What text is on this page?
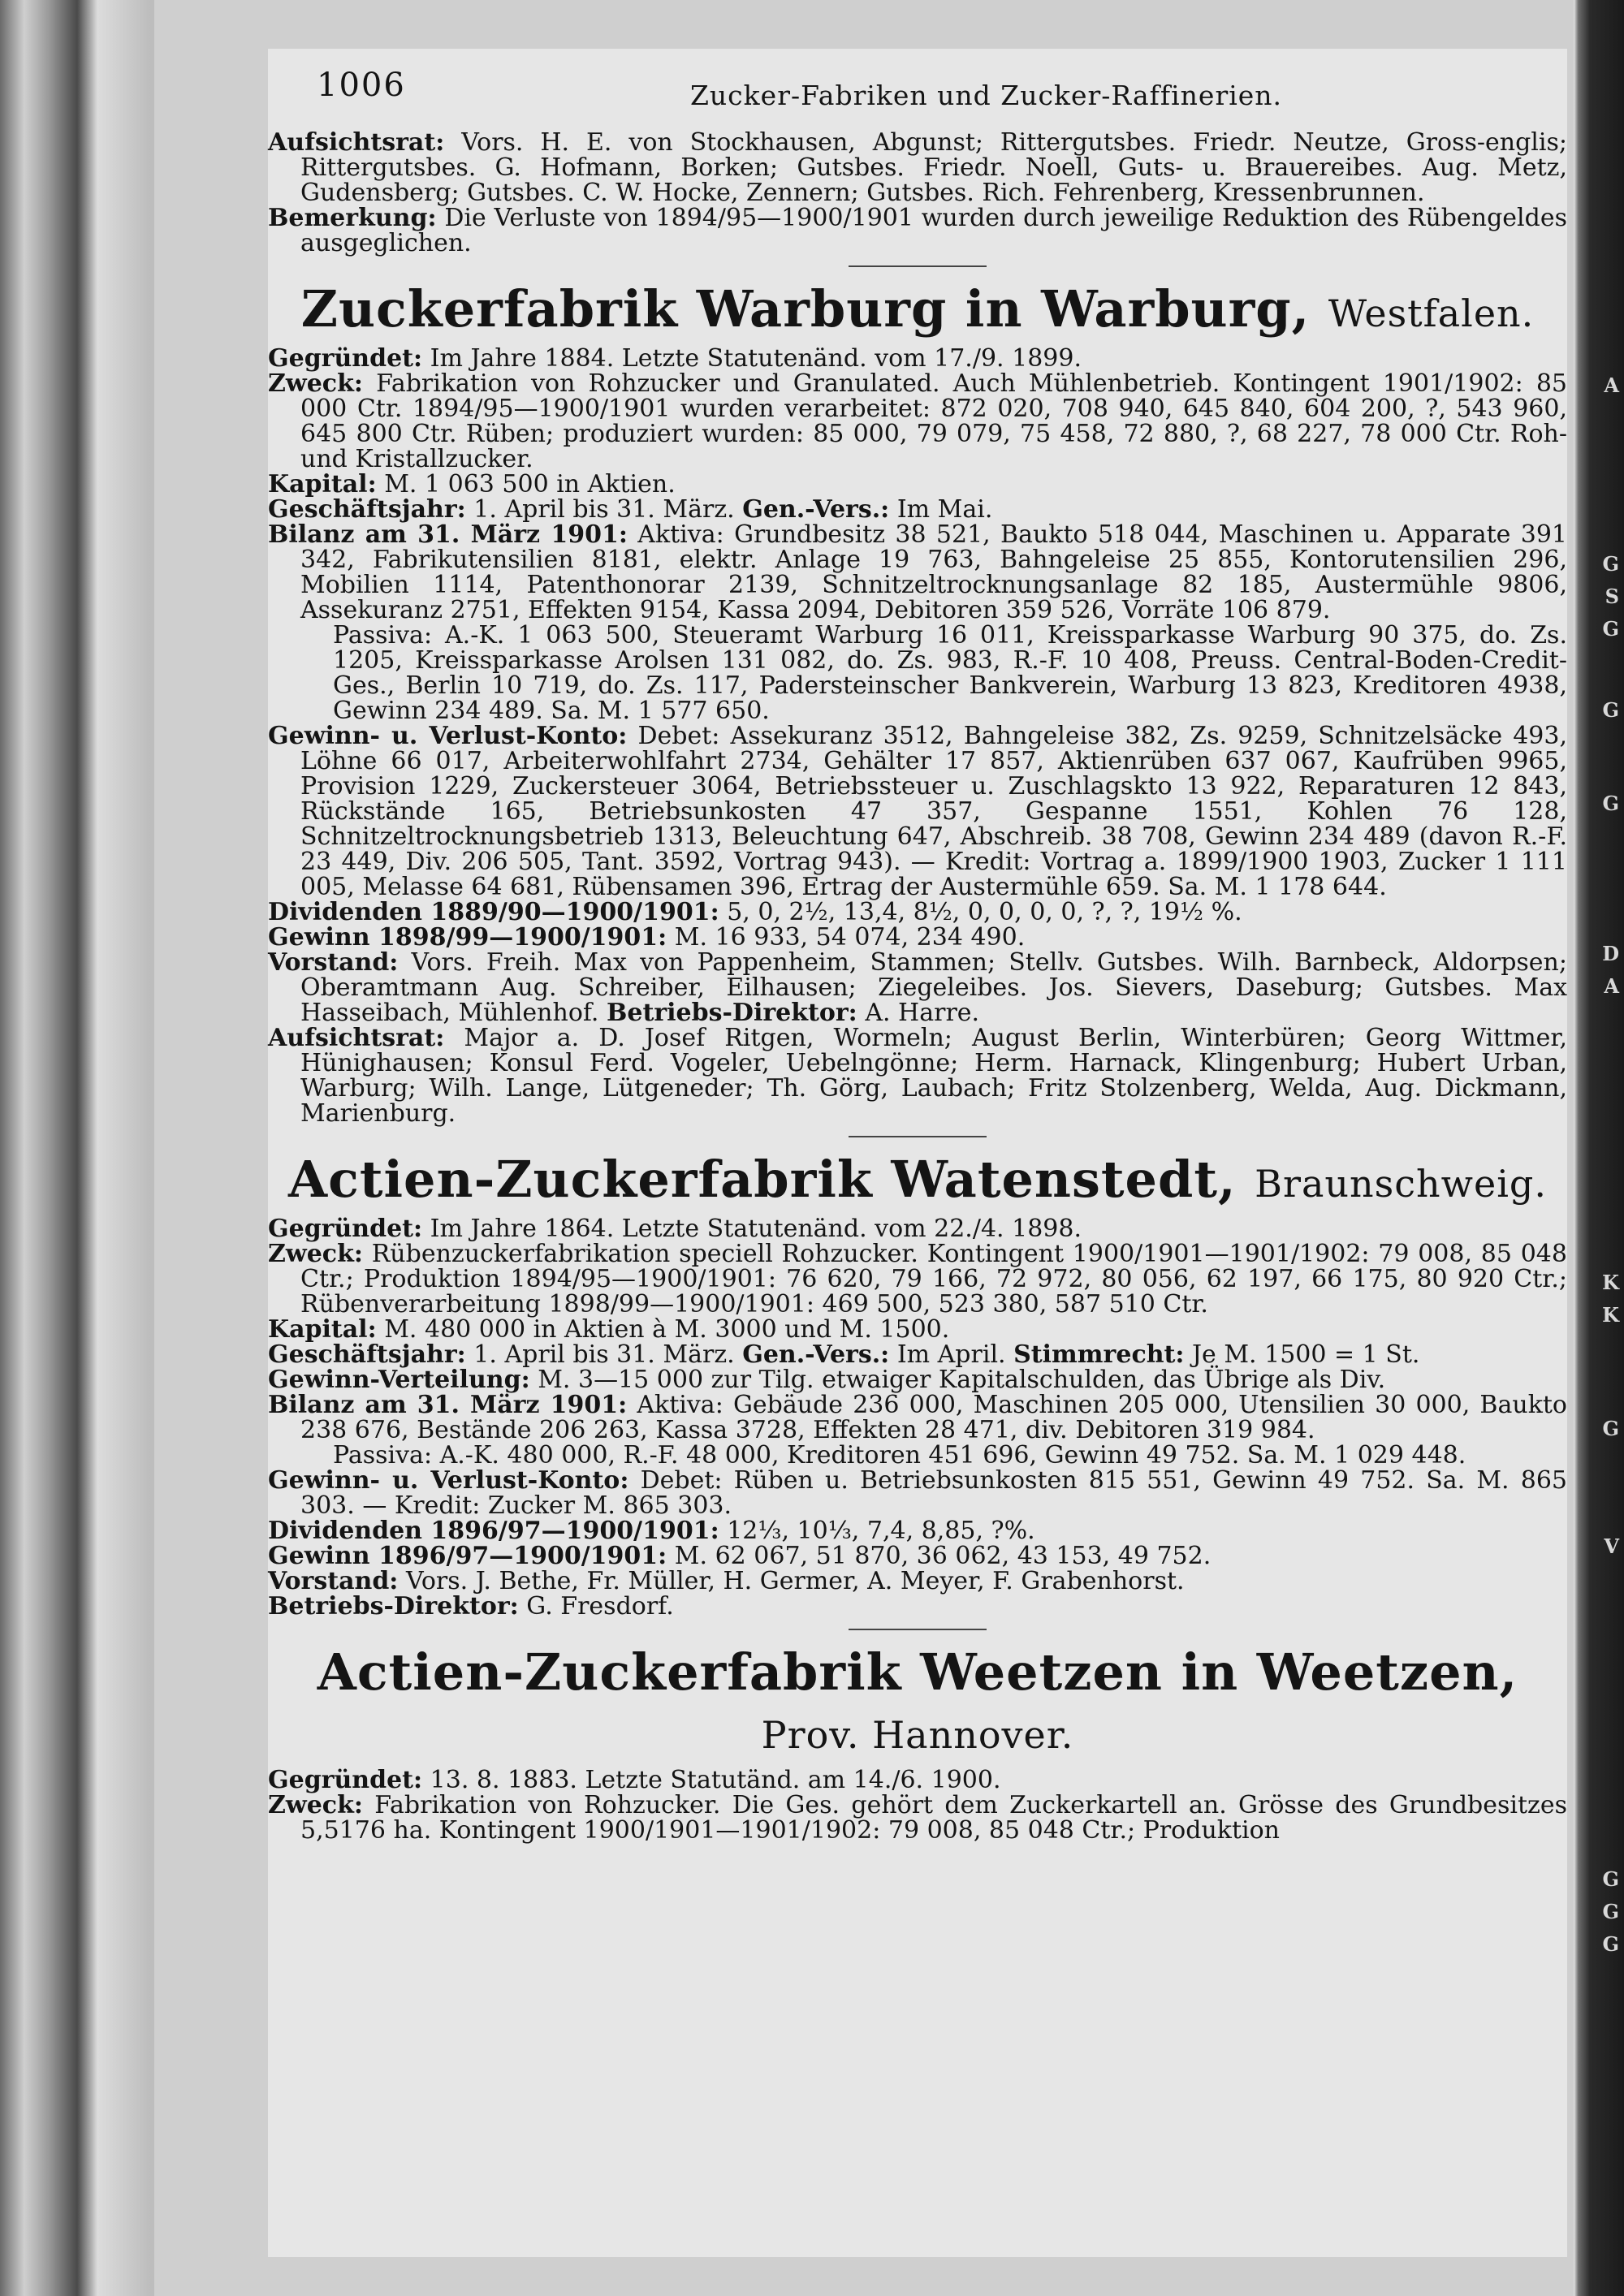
A
G
S
G
G
G
D
A
K
K
G
V
G
G
G
1006	Zucker-Fabriken und Zucker-Raffinerien.

Aufsichtsrat: Vors. H. E. von Stockhausen, Abgunst; Rittergutsbes. Friedr. Neutze, Gross-englis; Rittergutsbes. G. Hofmann, Borken; Gutsbes. Friedr. Noell, Guts- u. Brauereibes. Aug. Metz, Gudensberg; Gutsbes. C. W. Hocke, Zennern; Gutsbes. Rich. Fehrenberg, Kressenbrunnen.

Bemerkung: Die Verluste von 1894/95—1900/1901 wurden durch jeweilige Reduktion des Rübengeldes ausgeglichen.

Zuckerfabrik Warburg in Warburg, Westfalen.

Gegründet: Im Jahre 1884. Letzte Statutenänd. vom 17./9. 1899.

Zweck: Fabrikation von Rohzucker und Granulated. Auch Mühlenbetrieb. Kontingent 1901/1902: 85 000 Ctr. 1894/95—1900/1901 wurden verarbeitet: 872 020, 708 940, 645 840, 604 200, ?, 543 960, 645 800 Ctr. Rüben; produziert wurden: 85 000, 79 079, 75 458, 72 880, ?, 68 227, 78 000 Ctr. Roh- und Kristallzucker.

Kapital: M. 1 063 500 in Aktien.

Geschäftsjahr: 1. April bis 31. März. Gen.-Vers.: Im Mai.

Bilanz am 31. März 1901: Aktiva: Grundbesitz 38 521, Baukto 518 044, Maschinen u. Apparate 391 342, Fabrikutensilien 8181, elektr. Anlage 19 763, Bahngeleise 25 855, Kontorutensilien 296, Mobilien 1114, Patenthonorar 2139, Schnitzeltrocknungsanlage 82 185, Austermühle 9806, Assekuranz 2751, Effekten 9154, Kassa 2094, Debitoren 359 526, Vorräte 106 879.
Passiva: A.-K. 1 063 500, Steueramt Warburg 16 011, Kreissparkasse Warburg 90 375, do. Zs. 1205, Kreissparkasse Arolsen 131 082, do. Zs. 983, R.-F. 10 408, Preuss. Central-Boden-Credit-Ges., Berlin 10 719, do. Zs. 117, Padersteinscher Bankverein, Warburg 13 823, Kreditoren 4938, Gewinn 234 489. Sa. M. 1 577 650.

Gewinn- u. Verlust-Konto: Debet: Assekuranz 3512, Bahngeleise 382, Zs. 9259, Schnitzelsäcke 493, Löhne 66 017, Arbeiterwohlfahrt 2734, Gehälter 17 857, Aktienrüben 637 067, Kaufrüben 9965, Provision 1229, Zuckersteuer 3064, Betriebssteuer u. Zuschlagskto 13 922, Reparaturen 12 843, Rückstände 165, Betriebsunkosten 47 357, Gespanne 1551, Kohlen 76 128, Schnitzeltrocknungsbetrieb 1313, Beleuchtung 647, Abschreib. 38 708, Gewinn 234 489 (davon R.-F. 23 449, Div. 206 505, Tant. 3592, Vortrag 943). — Kredit: Vortrag a. 1899/1900 1903, Zucker 1 111 005, Melasse 64 681, Rübensamen 396, Ertrag der Austermühle 659. Sa. M. 1 178 644.

Dividenden 1889/90—1900/1901: 5, 0, 2½, 13,4, 8½, 0, 0, 0, 0, ?, ?, 19½ %.

Gewinn 1898/99—1900/1901: M. 16 933, 54 074, 234 490.

Vorstand: Vors. Freih. Max von Pappenheim, Stammen; Stellv. Gutsbes. Wilh. Barnbeck, Aldorpsen; Oberamtmann Aug. Schreiber, Eilhausen; Ziegeleibes. Jos. Sievers, Daseburg; Gutsbes. Max Hasseibach, Mühlenhof. Betriebs-Direktor: A. Harre.

Aufsichtsrat: Major a. D. Josef Ritgen, Wormeln; August Berlin, Winterbüren; Georg Wittmer, Hünighausen; Konsul Ferd. Vogeler, Uebelngönne; Herm. Harnack, Klingenburg; Hubert Urban, Warburg; Wilh. Lange, Lütgeneder; Th. Görg, Laubach; Fritz Stolzenberg, Welda, Aug. Dickmann, Marienburg.

Actien-Zuckerfabrik Watenstedt, Braunschweig.

Gegründet: Im Jahre 1864. Letzte Statutenänd. vom 22./4. 1898.

Zweck: Rübenzuckerfabrikation speciell Rohzucker. Kontingent 1900/1901—1901/1902: 79 008, 85 048 Ctr.; Produktion 1894/95—1900/1901: 76 620, 79 166, 72 972, 80 056, 62 197, 66 175, 80 920 Ctr.; Rübenverarbeitung 1898/99—1900/1901: 469 500, 523 380, 587 510 Ctr.

Kapital: M. 480 000 in Aktien à M. 3000 und M. 1500.

Geschäftsjahr: 1. April bis 31. März. Gen.-Vers.: Im April. Stimmrecht: Je M. 1500 = 1 St.

Gewinn-Verteilung: M. 3—15 000 zur Tilg. etwaiger Kapitalschulden, das Übrige als Div.

Bilanz am 31. März 1901: Aktiva: Gebäude 236 000, Maschinen 205 000, Utensilien 30 000, Baukto 238 676, Bestände 206 263, Kassa 3728, Effekten 28 471, div. Debitoren 319 984.
Passiva: A.-K. 480 000, R.-F. 48 000, Kreditoren 451 696, Gewinn 49 752. Sa. M. 1 029 448.

Gewinn- u. Verlust-Konto: Debet: Rüben u. Betriebsunkosten 815 551, Gewinn 49 752. Sa. M. 865 303. — Kredit: Zucker M. 865 303.

Dividenden 1896/97—1900/1901: 12⅓, 10⅓, 7,4, 8,85, ?%.

Gewinn 1896/97—1900/1901: M. 62 067, 51 870, 36 062, 43 153, 49 752.

Vorstand: Vors. J. Bethe, Fr. Müller, H. Germer, A. Meyer, F. Grabenhorst.

Betriebs-Direktor: G. Fresdorf.

Actien-Zuckerfabrik Weetzen in Weetzen, Prov. Hannover.

Gegründet: 13. 8. 1883. Letzte Statutänd. am 14./6. 1900.

Zweck: Fabrikation von Rohzucker. Die Ges. gehört dem Zuckerkartell an. Grösse des Grundbesitzes 5,5176 ha. Kontingent 1900/1901—1901/1902: 79 008, 85 048 Ctr.; Produktion
